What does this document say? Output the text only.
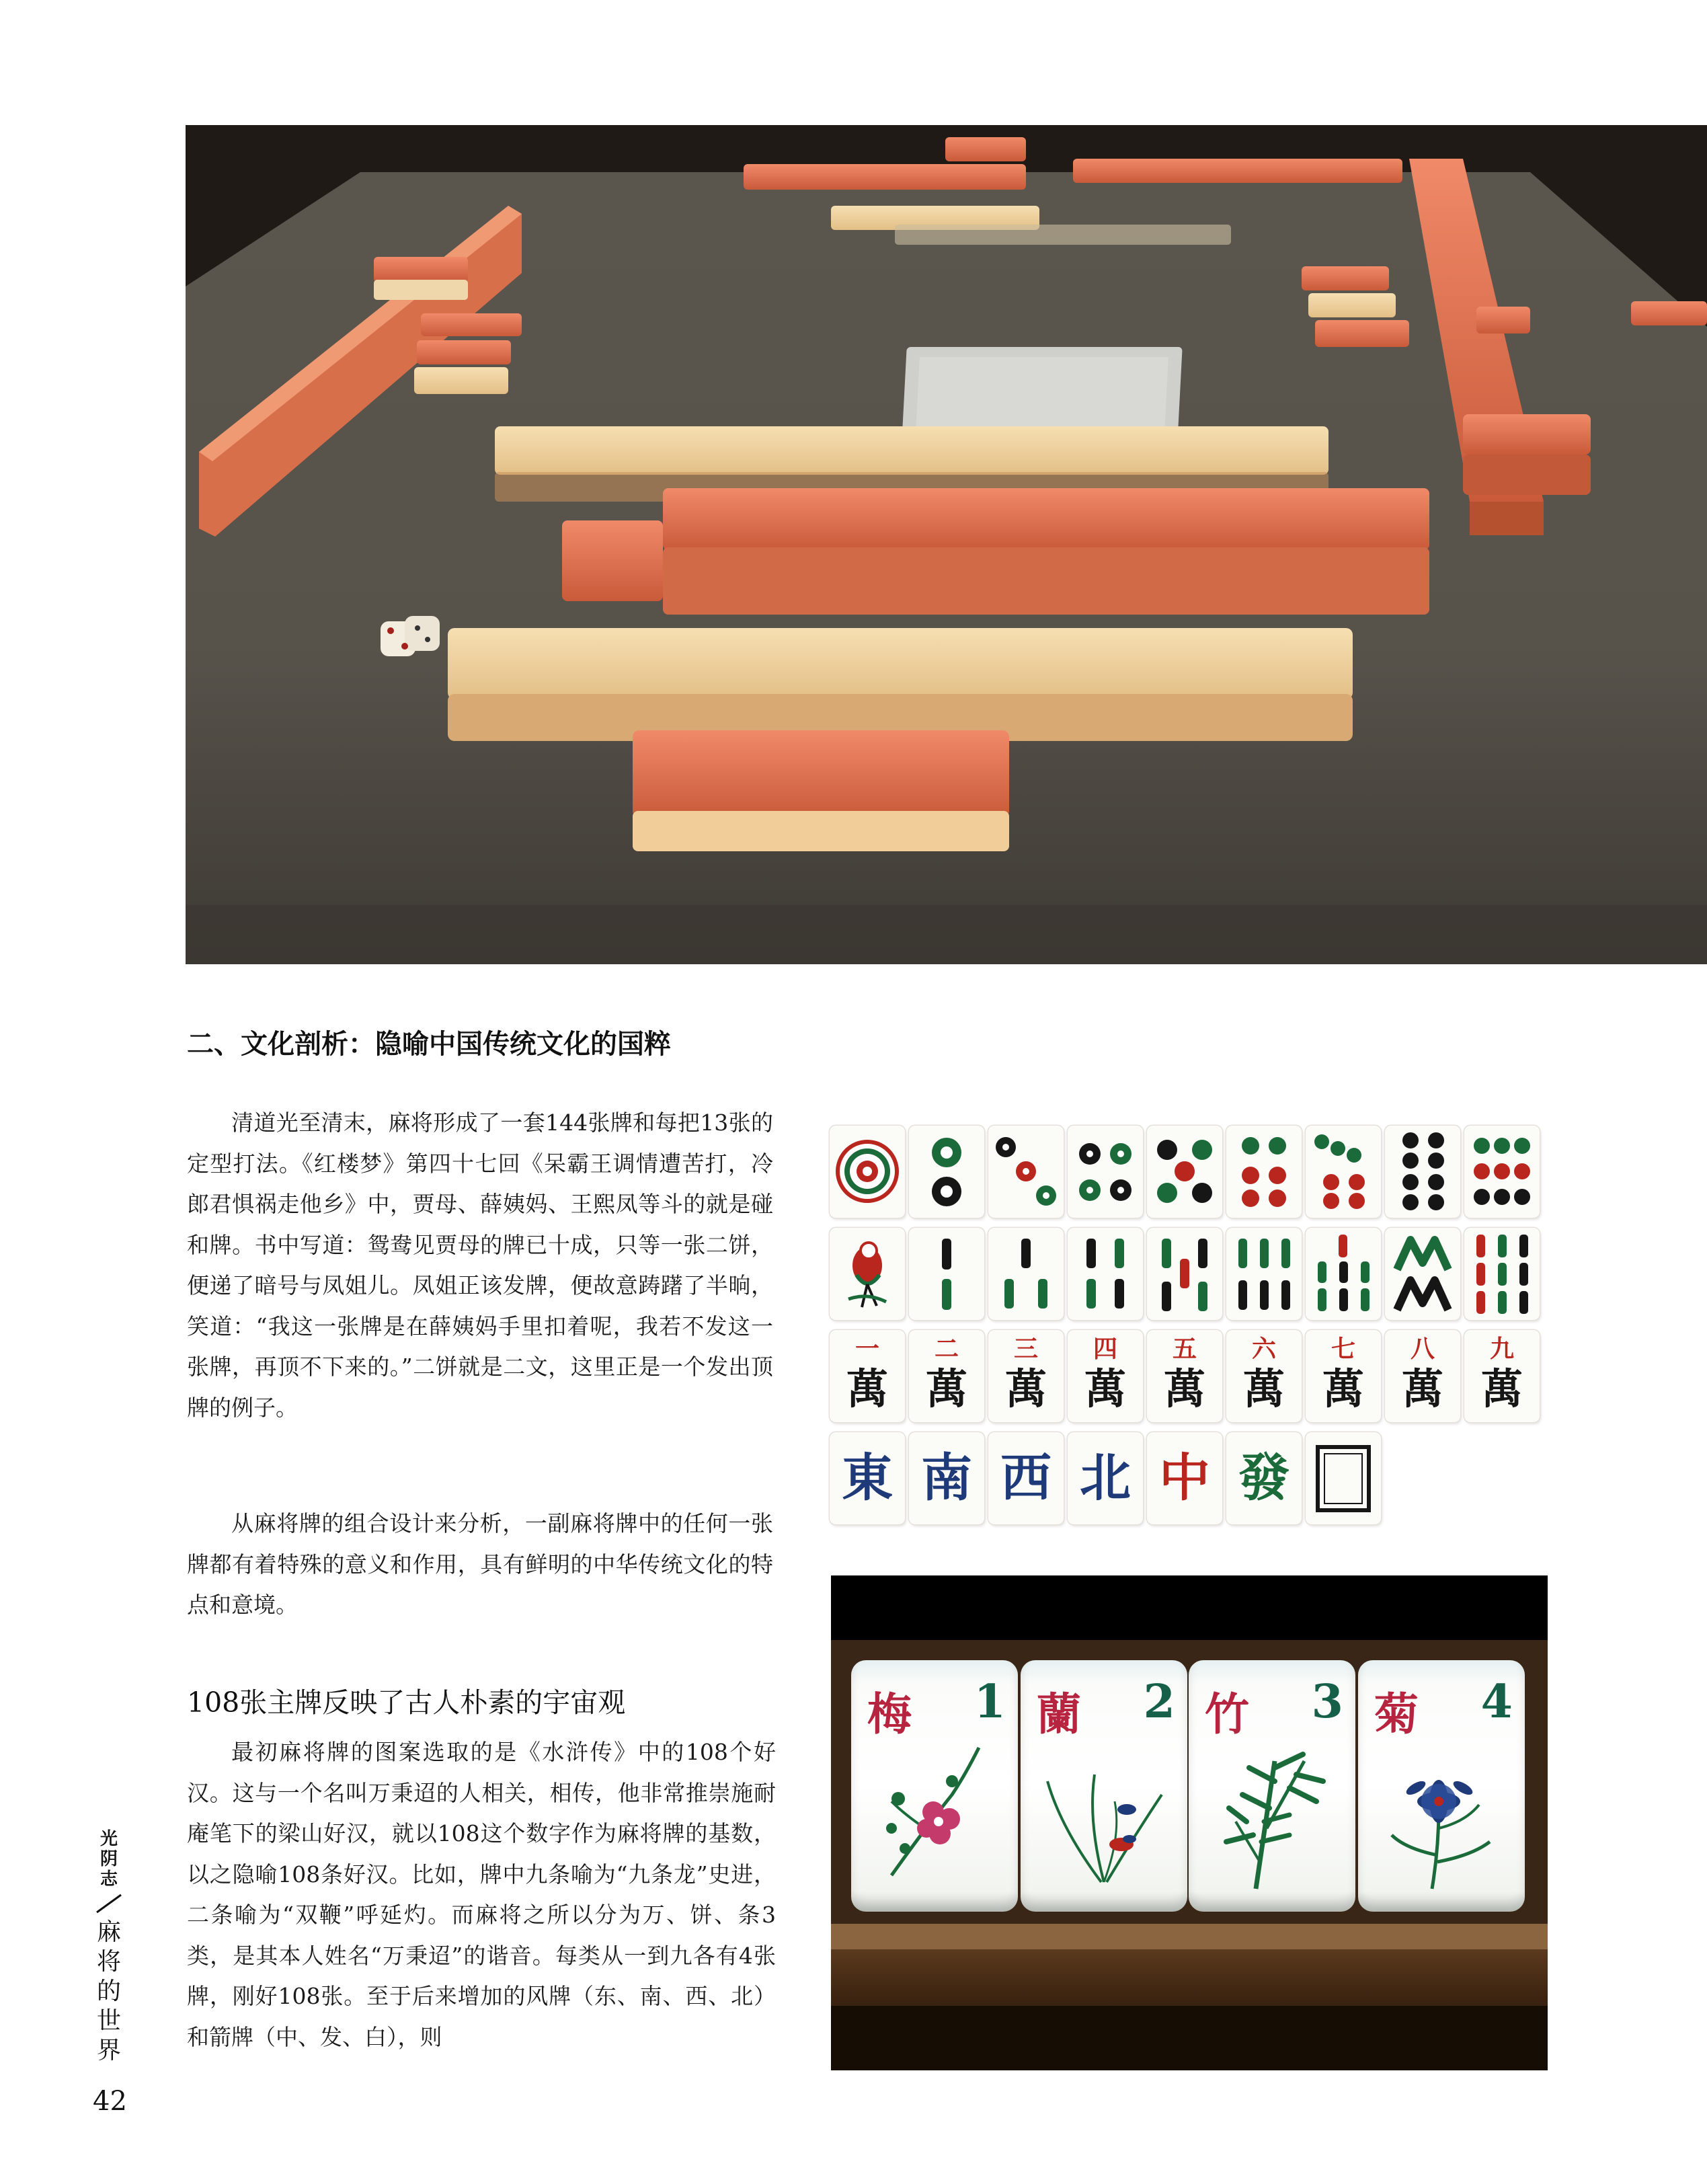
二、文化剖析：隐喻中国传统文化的国粹

清道光至清末，麻将形成了一套144张牌和每把13张的定型打法。《红楼梦》第四十七回《呆霸王调情遭苦打，冷郎君惧祸走他乡》中，贾母、薛姨妈、王熙凤等斗的就是碰和牌。书中写道：鸳鸯见贾母的牌已十成，只等一张二饼，便递了暗号与凤姐儿。凤姐正该发牌，便故意踌躇了半晌，笑道：“我这一张牌是在薛姨妈手里扣着呢，我若不发这一张牌，再顶不下来的。”二饼就是二文，这里正是一个发出顶牌的例子。

从麻将牌的组合设计来分析，一副麻将牌中的任何一张牌都有着特殊的意义和作用，具有鲜明的中华传统文化的特点和意境。

108张主牌反映了古人朴素的宇宙观

最初麻将牌的图案选取的是《水浒传》中的108个好汉。这与一个名叫万秉迢的人相关，相传，他非常推崇施耐庵笔下的梁山好汉，就以108这个数字作为麻将牌的基数，以之隐喻108条好汉。比如，牌中九条喻为“九条龙”史进，二条喻为“双鞭”呼延灼。而麻将之所以分为万、饼、条3类，是其本人姓名“万秉迢”的谐音。每类从一到九各有4张牌，刚好108张。至于后来增加的风牌（东、南、西、北）和箭牌（中、发、白），则

一
萬
二
萬
三
萬
四
萬
五
萬
六
萬
七
萬
八
萬
九
萬
東 南 西 北 中 發
1
梅	2
蘭	3
竹	4
菊
光阴志
麻将的世界
42
